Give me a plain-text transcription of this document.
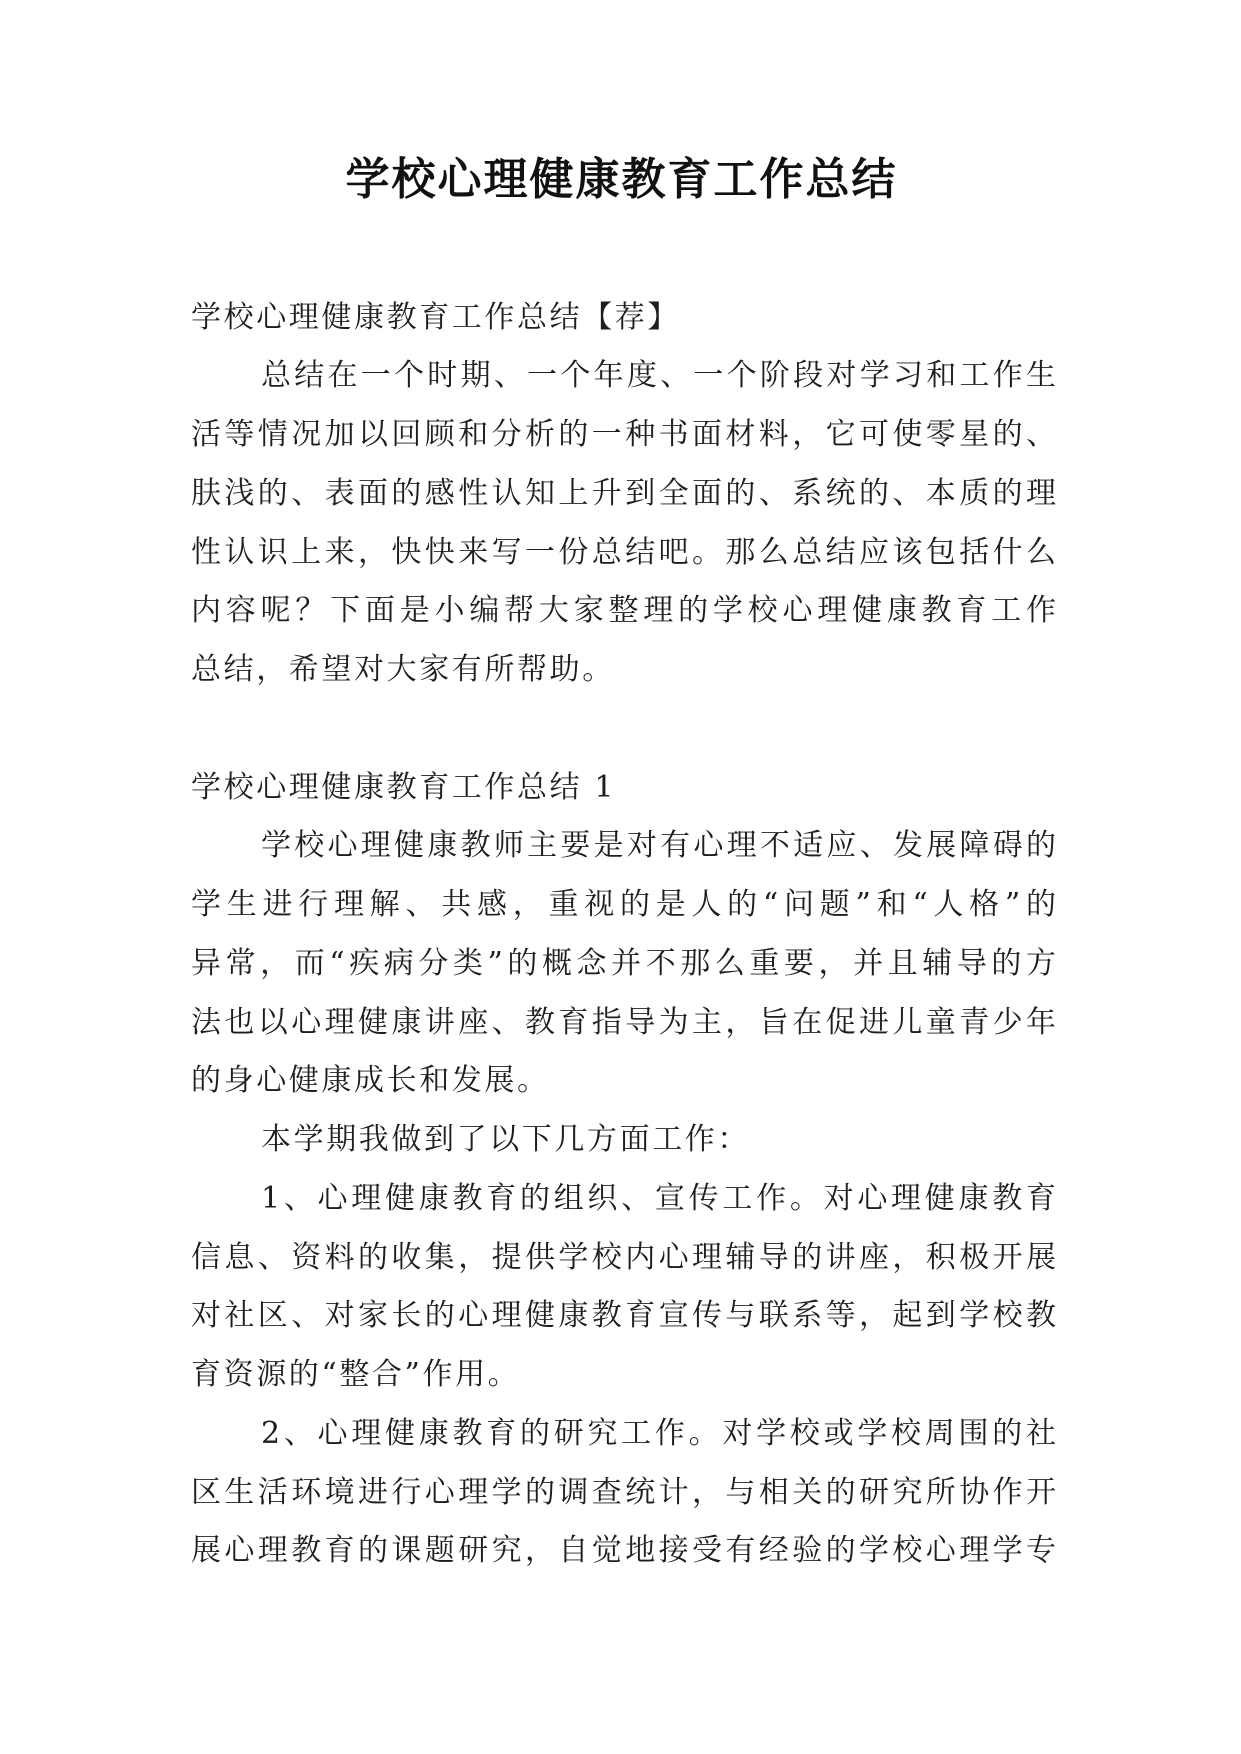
学校心理健康教育工作总结
学校心理健康教育工作总结【荐】
总结在一个时期、一个年度、一个阶段对学习和工作生
活等情况加以回顾和分析的一种书面材料，它可使零星的、
肤浅的、表面的感性认知上升到全面的、系统的、本质的理
性认识上来，快快来写一份总结吧。那么总结应该包括什么
内容呢？下面是小编帮大家整理的学校心理健康教育工作
总结，希望对大家有所帮助。
学校心理健康教育工作总结 1
学校心理健康教师主要是对有心理不适应、发展障碍的
学生进行理解、共感，重视的是人的“问题”和“人格”的
异常，而“疾病分类”的概念并不那么重要，并且辅导的方
法也以心理健康讲座、教育指导为主，旨在促进儿童青少年
的身心健康成长和发展。
本学期我做到了以下几方面工作：
1、心理健康教育的组织、宣传工作。对心理健康教育
信息、资料的收集，提供学校内心理辅导的讲座，积极开展
对社区、对家长的心理健康教育宣传与联系等，起到学校教
育资源的“整合”作用。
2、心理健康教育的研究工作。对学校或学校周围的社
区生活环境进行心理学的调查统计，与相关的研究所协作开
展心理教育的课题研究，自觉地接受有经验的学校心理学专
